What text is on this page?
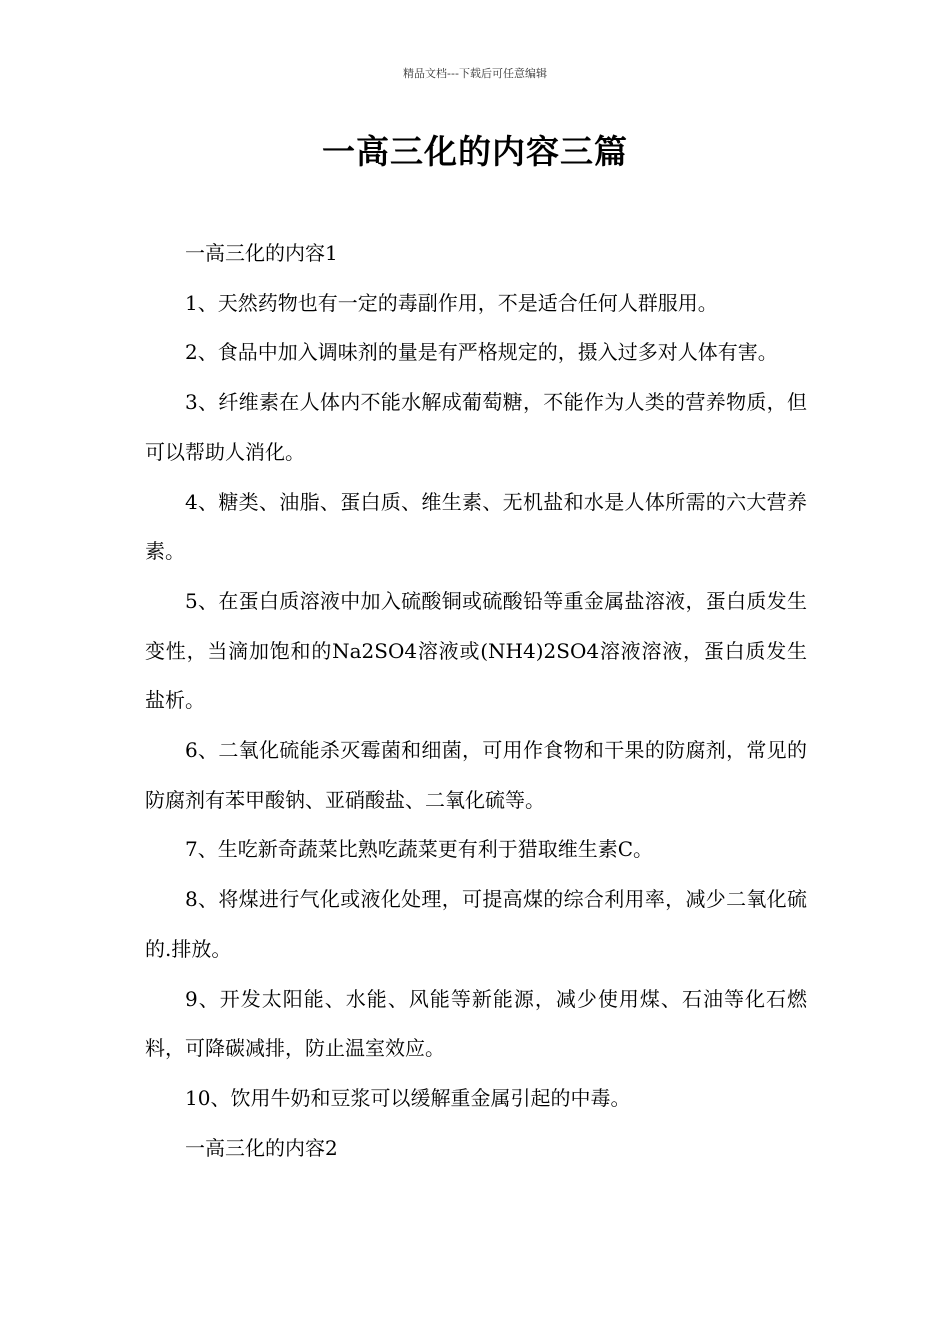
精品文档---下载后可任意编辑
一高三化的内容三篇

一高三化的内容1

1、天然药物也有一定的毒副作用，不是适合任何人群服用。

2、食品中加入调味剂的量是有严格规定的，摄入过多对人体有害。

3、纤维素在人体内不能水解成葡萄糖，不能作为人类的营养物质，但可以帮助人消化。

4、糖类、油脂、蛋白质、维生素、无机盐和水是人体所需的六大营养素。

5、在蛋白质溶液中加入硫酸铜或硫酸铅等重金属盐溶液，蛋白质发生变性，当滴加饱和的Na2SO4溶液或(NH4)2SO4溶液溶液，蛋白质发生盐析。

6、二氧化硫能杀灭霉菌和细菌，可用作食物和干果的防腐剂，常见的防腐剂有苯甲酸钠、亚硝酸盐、二氧化硫等。

7、生吃新奇蔬菜比熟吃蔬菜更有利于猎取维生素C。

8、将煤进行气化或液化处理，可提高煤的综合利用率，减少二氧化硫的.排放。

9、开发太阳能、水能、风能等新能源，减少使用煤、石油等化石燃料，可降碳减排，防止温室效应。

10、饮用牛奶和豆浆可以缓解重金属引起的中毒。

一高三化的内容2
